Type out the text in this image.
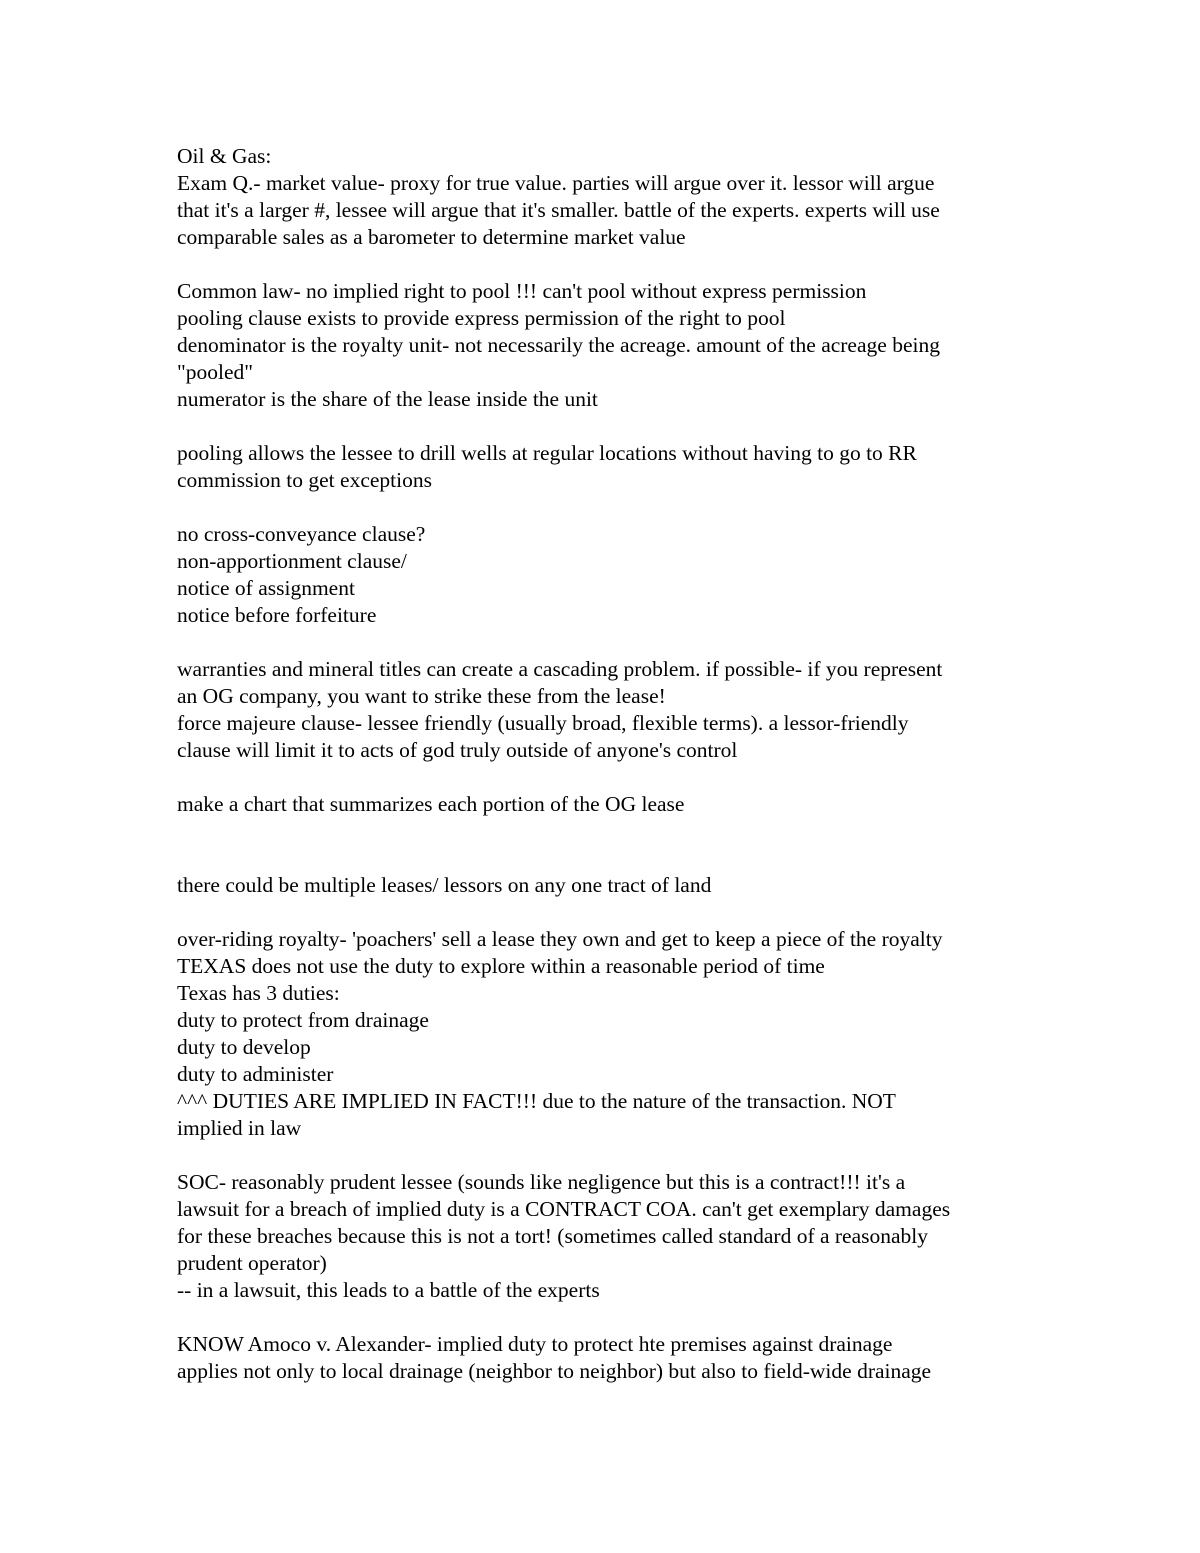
Oil & Gas:
Exam Q.- market value- proxy for true value. parties will argue over it. lessor will argue
that it's a larger #, lessee will argue that it's smaller. battle of the experts. experts will use
comparable sales as a barometer to determine market value
Common law- no implied right to pool !!! can't pool without express permission
pooling clause exists to provide express permission of the right to pool
denominator is the royalty unit- not necessarily the acreage. amount of the acreage being
"pooled"
numerator is the share of the lease inside the unit
pooling allows the lessee to drill wells at regular locations without having to go to RR
commission to get exceptions
no cross-conveyance clause?
non-apportionment clause/
notice of assignment
notice before forfeiture
warranties and mineral titles can create a cascading problem. if possible- if you represent
an OG company, you want to strike these from the lease!
force majeure clause- lessee friendly (usually broad, flexible terms). a lessor-friendly
clause will limit it to acts of god truly outside of anyone's control
make a chart that summarizes each portion of the OG lease
there could be multiple leases/ lessors on any one tract of land
over-riding royalty- 'poachers' sell a lease they own and get to keep a piece of the royalty
TEXAS does not use the duty to explore within a reasonable period of time
Texas has 3 duties:
duty to protect from drainage
duty to develop
duty to administer
^^^ DUTIES ARE IMPLIED IN FACT!!! due to the nature of the transaction. NOT
implied in law
SOC- reasonably prudent lessee (sounds like negligence but this is a contract!!! it's a
lawsuit for a breach of implied duty is a CONTRACT COA. can't get exemplary damages
for these breaches because this is not a tort! (sometimes called standard of a reasonably
prudent operator)
-- in a lawsuit, this leads to a battle of the experts
KNOW Amoco v. Alexander- implied duty to protect hte premises against drainage
applies not only to local drainage (neighbor to neighbor) but also to field-wide drainage
